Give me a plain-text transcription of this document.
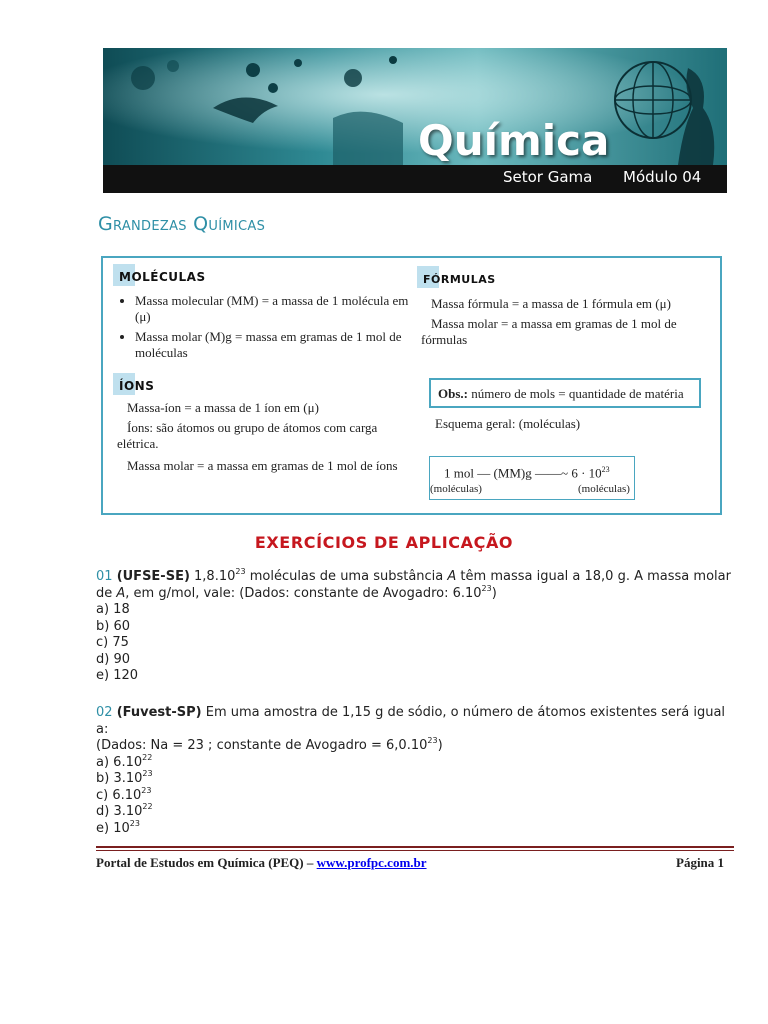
Química
Setor Gama Módulo 04
Grandezas Químicas
MOLÉCULAS
• Massa molecular (MM) = a massa de 1 molécula em (μ)
• Massa molar (M)g = massa em gramas de 1 mol de moléculas
ÍONS

Massa-íon = a massa de 1 íon em (μ)

Íons: são átomos ou grupo de átomos com carga elétrica.

Massa molar = a massa em gramas de 1 mol de íons

FÓRMULAS

Massa fórmula = a massa de 1 fórmula em (μ)

Massa molar = a massa em gramas de 1 mol de fórmulas

Obs.: número de mols = quantidade de matéria
Esquema geral: (moléculas)
1 mol — (MM)g ——~ $6 \cdot 10^{23}$
(moléculas)	(moléculas)
EXERCÍCIOS DE APLICAÇÃO
01 (UFSE-SE) 1,8.10$^{23}$ moléculas de uma substância A têm massa igual a 18,0 g. A massa molar de A, em g/mol, vale: (Dados: constante de Avogadro: 6.10$^{23}$)
a) 18
b) 60
c) 75
d) 90
e) 120
02 (Fuvest-SP) Em uma amostra de 1,15 g de sódio, o número de átomos existentes será igual a:
(Dados: Na = 23 ; constante de Avogadro = $6,0.10^{23}$)
a) 6.10$^{22}$
b) 3.10$^{23}$
c) 6.10$^{23}$
d) 3.10$^{22}$
e) $10^{23}$
Portal de Estudos em Química (PEQ) – www.profpc.com.br	Página 1
